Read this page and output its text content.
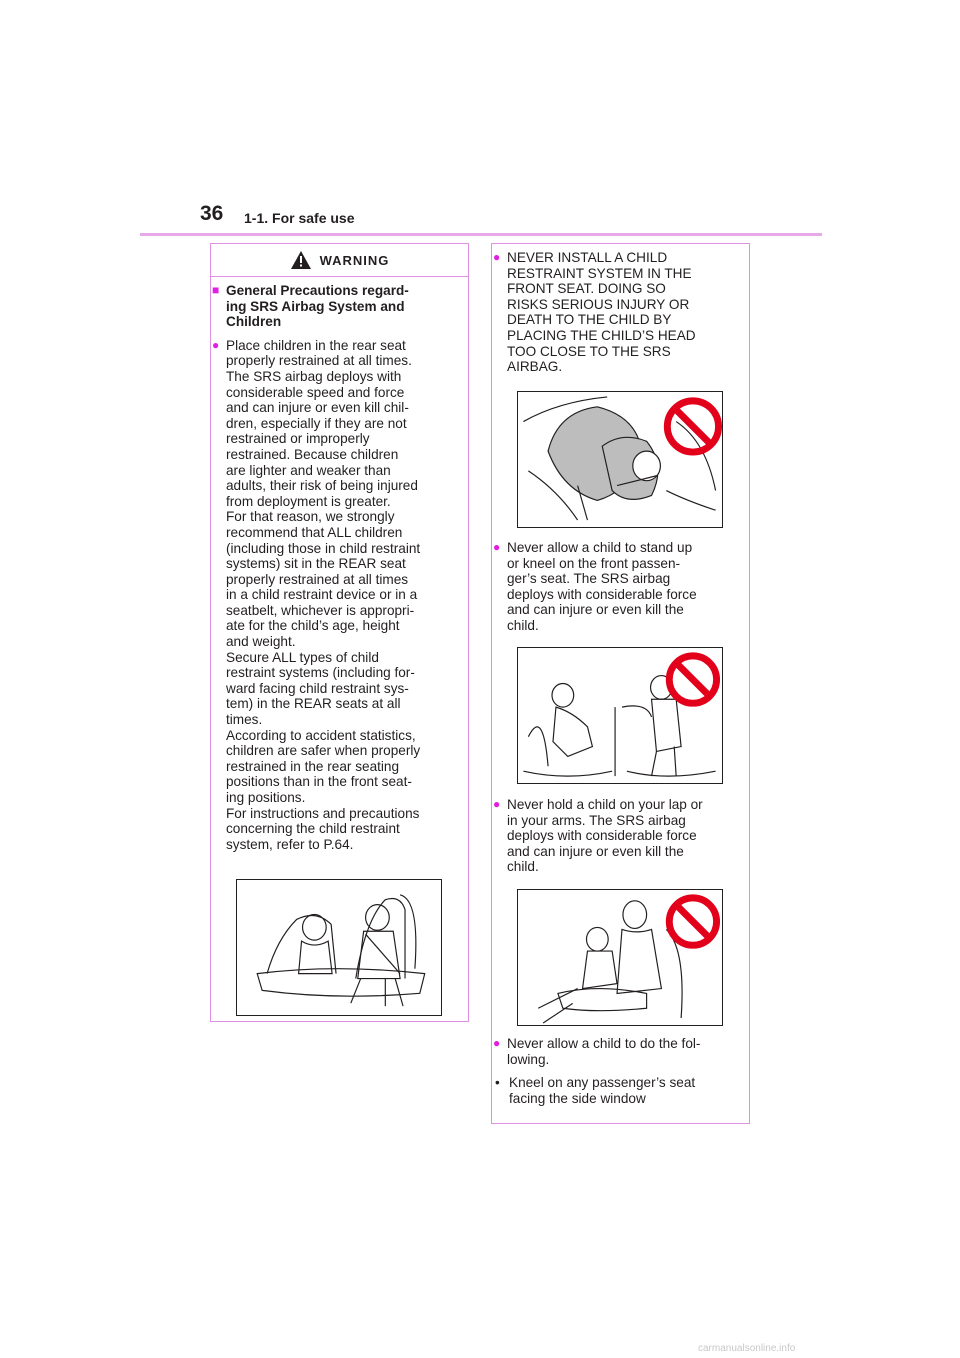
36 1-1. For safe use
WARNING
■ General Precautions regard-
ing SRS Airbag System and
Children
● Place children in the rear seat
properly restrained at all times.
The SRS airbag deploys with
considerable speed and force
and can injure or even kill chil-
dren, especially if they are not
restrained or improperly
restrained. Because children
are lighter and weaker than
adults, their risk of being injured
from deployment is greater.
For that reason, we strongly
recommend that ALL children
(including those in child restraint
systems) sit in the REAR seat
properly restrained at all times
in a child restraint device or in a
seatbelt, whichever is appropri-
ate for the child’s age, height
and weight.
Secure ALL types of child
restraint systems (including for-
ward facing child restraint sys-
tem) in the REAR seats at all
times.
According to accident statistics,
children are safer when properly
restrained in the rear seating
positions than in the front seat-
ing positions.
For instructions and precautions
concerning the child restraint
system, refer to P.64.
● NEVER INSTALL A CHILD
RESTRAINT SYSTEM IN THE
FRONT SEAT. DOING SO
RISKS SERIOUS INJURY OR
DEATH TO THE CHILD BY
PLACING THE CHILD’S HEAD
TOO CLOSE TO THE SRS
AIRBAG.
● Never allow a child to stand up
or kneel on the front passen-
ger’s seat. The SRS airbag
deploys with considerable force
and can injure or even kill the
child.
● Never hold a child on your lap or
in your arms. The SRS airbag
deploys with considerable force
and can injure or even kill the
child.
● Never allow a child to do the fol-
lowing.
• Kneel on any passenger’s seat
facing the side window
carmanualsonline.info
